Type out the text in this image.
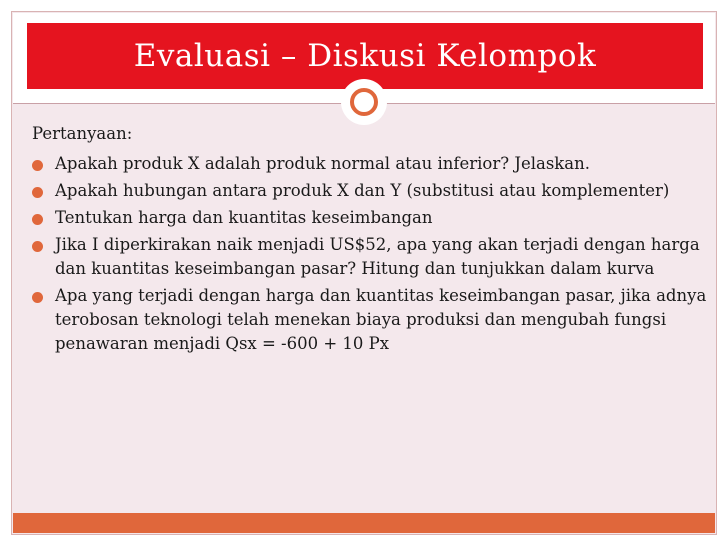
Evaluasi – Diskusi Kelompok
Pertanyaan:
Apakah produk X adalah produk normal atau inferior? Jelaskan.
Apakah hubungan antara produk X dan Y (substitusi atau komplementer)
Tentukan harga dan kuantitas keseimbangan
Jika I diperkirakan naik menjadi US$52, apa yang akan terjadi dengan harga dan kuantitas keseimbangan pasar? Hitung dan tunjukkan dalam kurva
Apa yang terjadi dengan harga dan kuantitas keseimbangan pasar, jika adnya terobosan teknologi telah menekan biaya produksi dan mengubah fungsi penawaran menjadi Qsx = -600 + 10 Px
